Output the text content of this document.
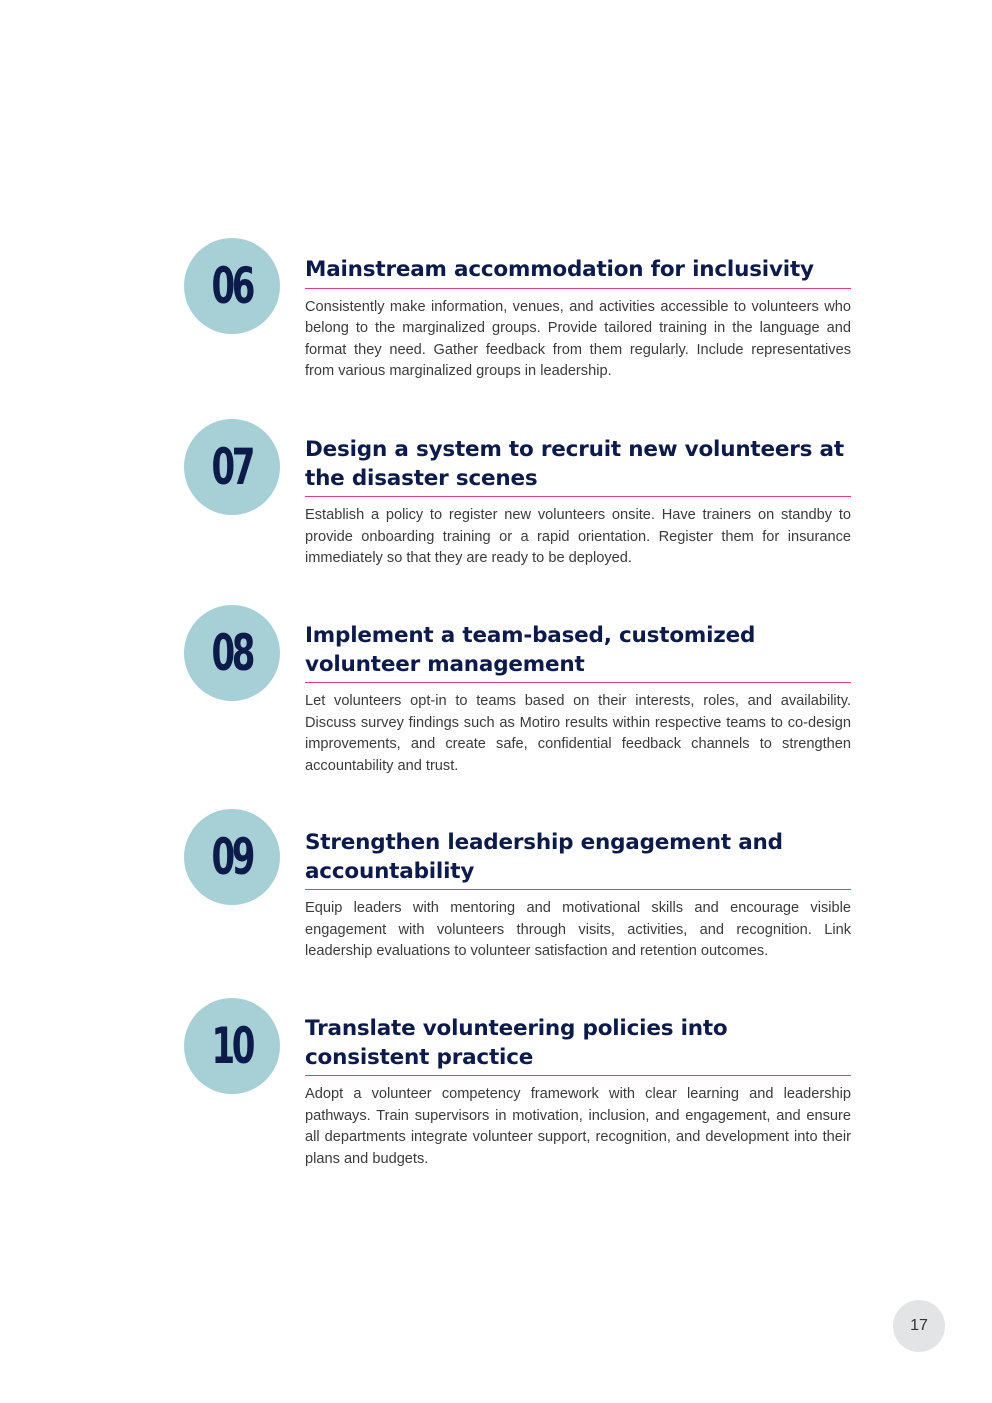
06 Mainstream accommodation for inclusivity
Consistently make information, venues, and activities accessible to volunteers who belong to the marginalized groups. Provide tailored training in the language and format they need. Gather feedback from them regularly. Include representatives from various marginalized groups in leadership.
07 Design a system to recruit new volunteers at the disaster scenes
Establish a policy to register new volunteers onsite. Have trainers on standby to provide onboarding training or a rapid orientation. Register them for insurance immediately so that they are ready to be deployed.
08 Implement a team-based, customized volunteer management
Let volunteers opt-in to teams based on their interests, roles, and availability. Discuss survey findings such as Motiro results within respective teams to co-design improvements, and create safe, confidential feedback channels to strengthen accountability and trust.
09 Strengthen leadership engagement and accountability
Equip leaders with mentoring and motivational skills and encourage visible engagement with volunteers through visits, activities, and recognition. Link leadership evaluations to volunteer satisfaction and retention outcomes.
10 Translate volunteering policies into consistent practice
Adopt a volunteer competency framework with clear learning and leadership pathways. Train supervisors in motivation, inclusion, and engagement, and ensure all departments integrate volunteer support, recognition, and development into their plans and budgets.
17
